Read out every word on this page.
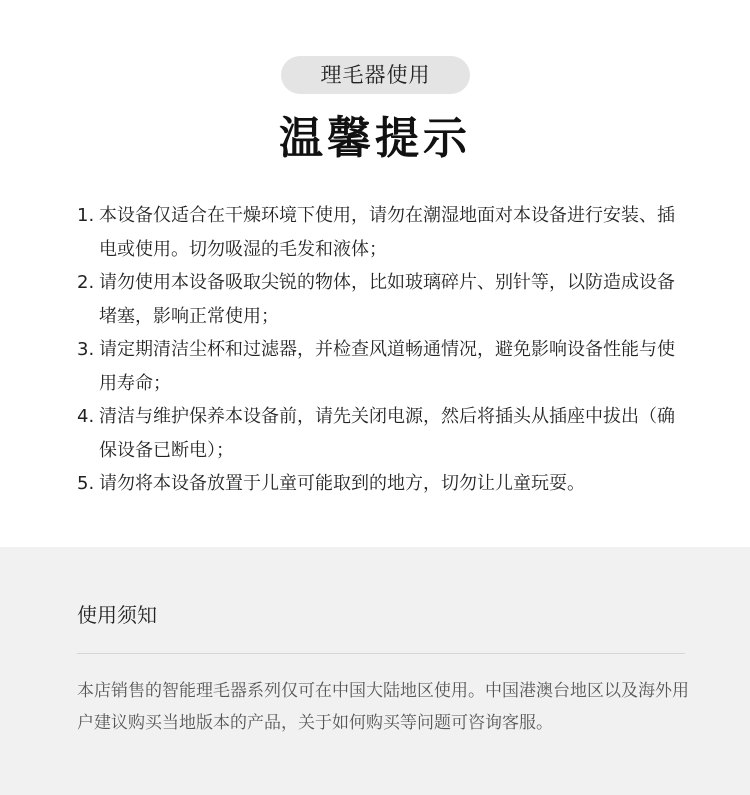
理毛器使用
温馨提示
1. 本设备仅适合在干燥环境下使用，请勿在潮湿地面对本设备进行安装、插电或使用。切勿吸湿的毛发和液体；
2. 请勿使用本设备吸取尖锐的物体，比如玻璃碎片、别针等，以防造成设备堵塞，影响正常使用；
3. 请定期清洁尘杯和过滤器，并检查风道畅通情况，避免影响设备性能与使用寿命；
4. 清洁与维护保养本设备前，请先关闭电源，然后将插头从插座中拔出（确保设备已断电）；
5. 请勿将本设备放置于儿童可能取到的地方，切勿让儿童玩耍。
使用须知
本店销售的智能理毛器系列仅可在中国大陆地区使用。中国港澳台地区以及海外用户建议购买当地版本的产品，关于如何购买等问题可咨询客服。
